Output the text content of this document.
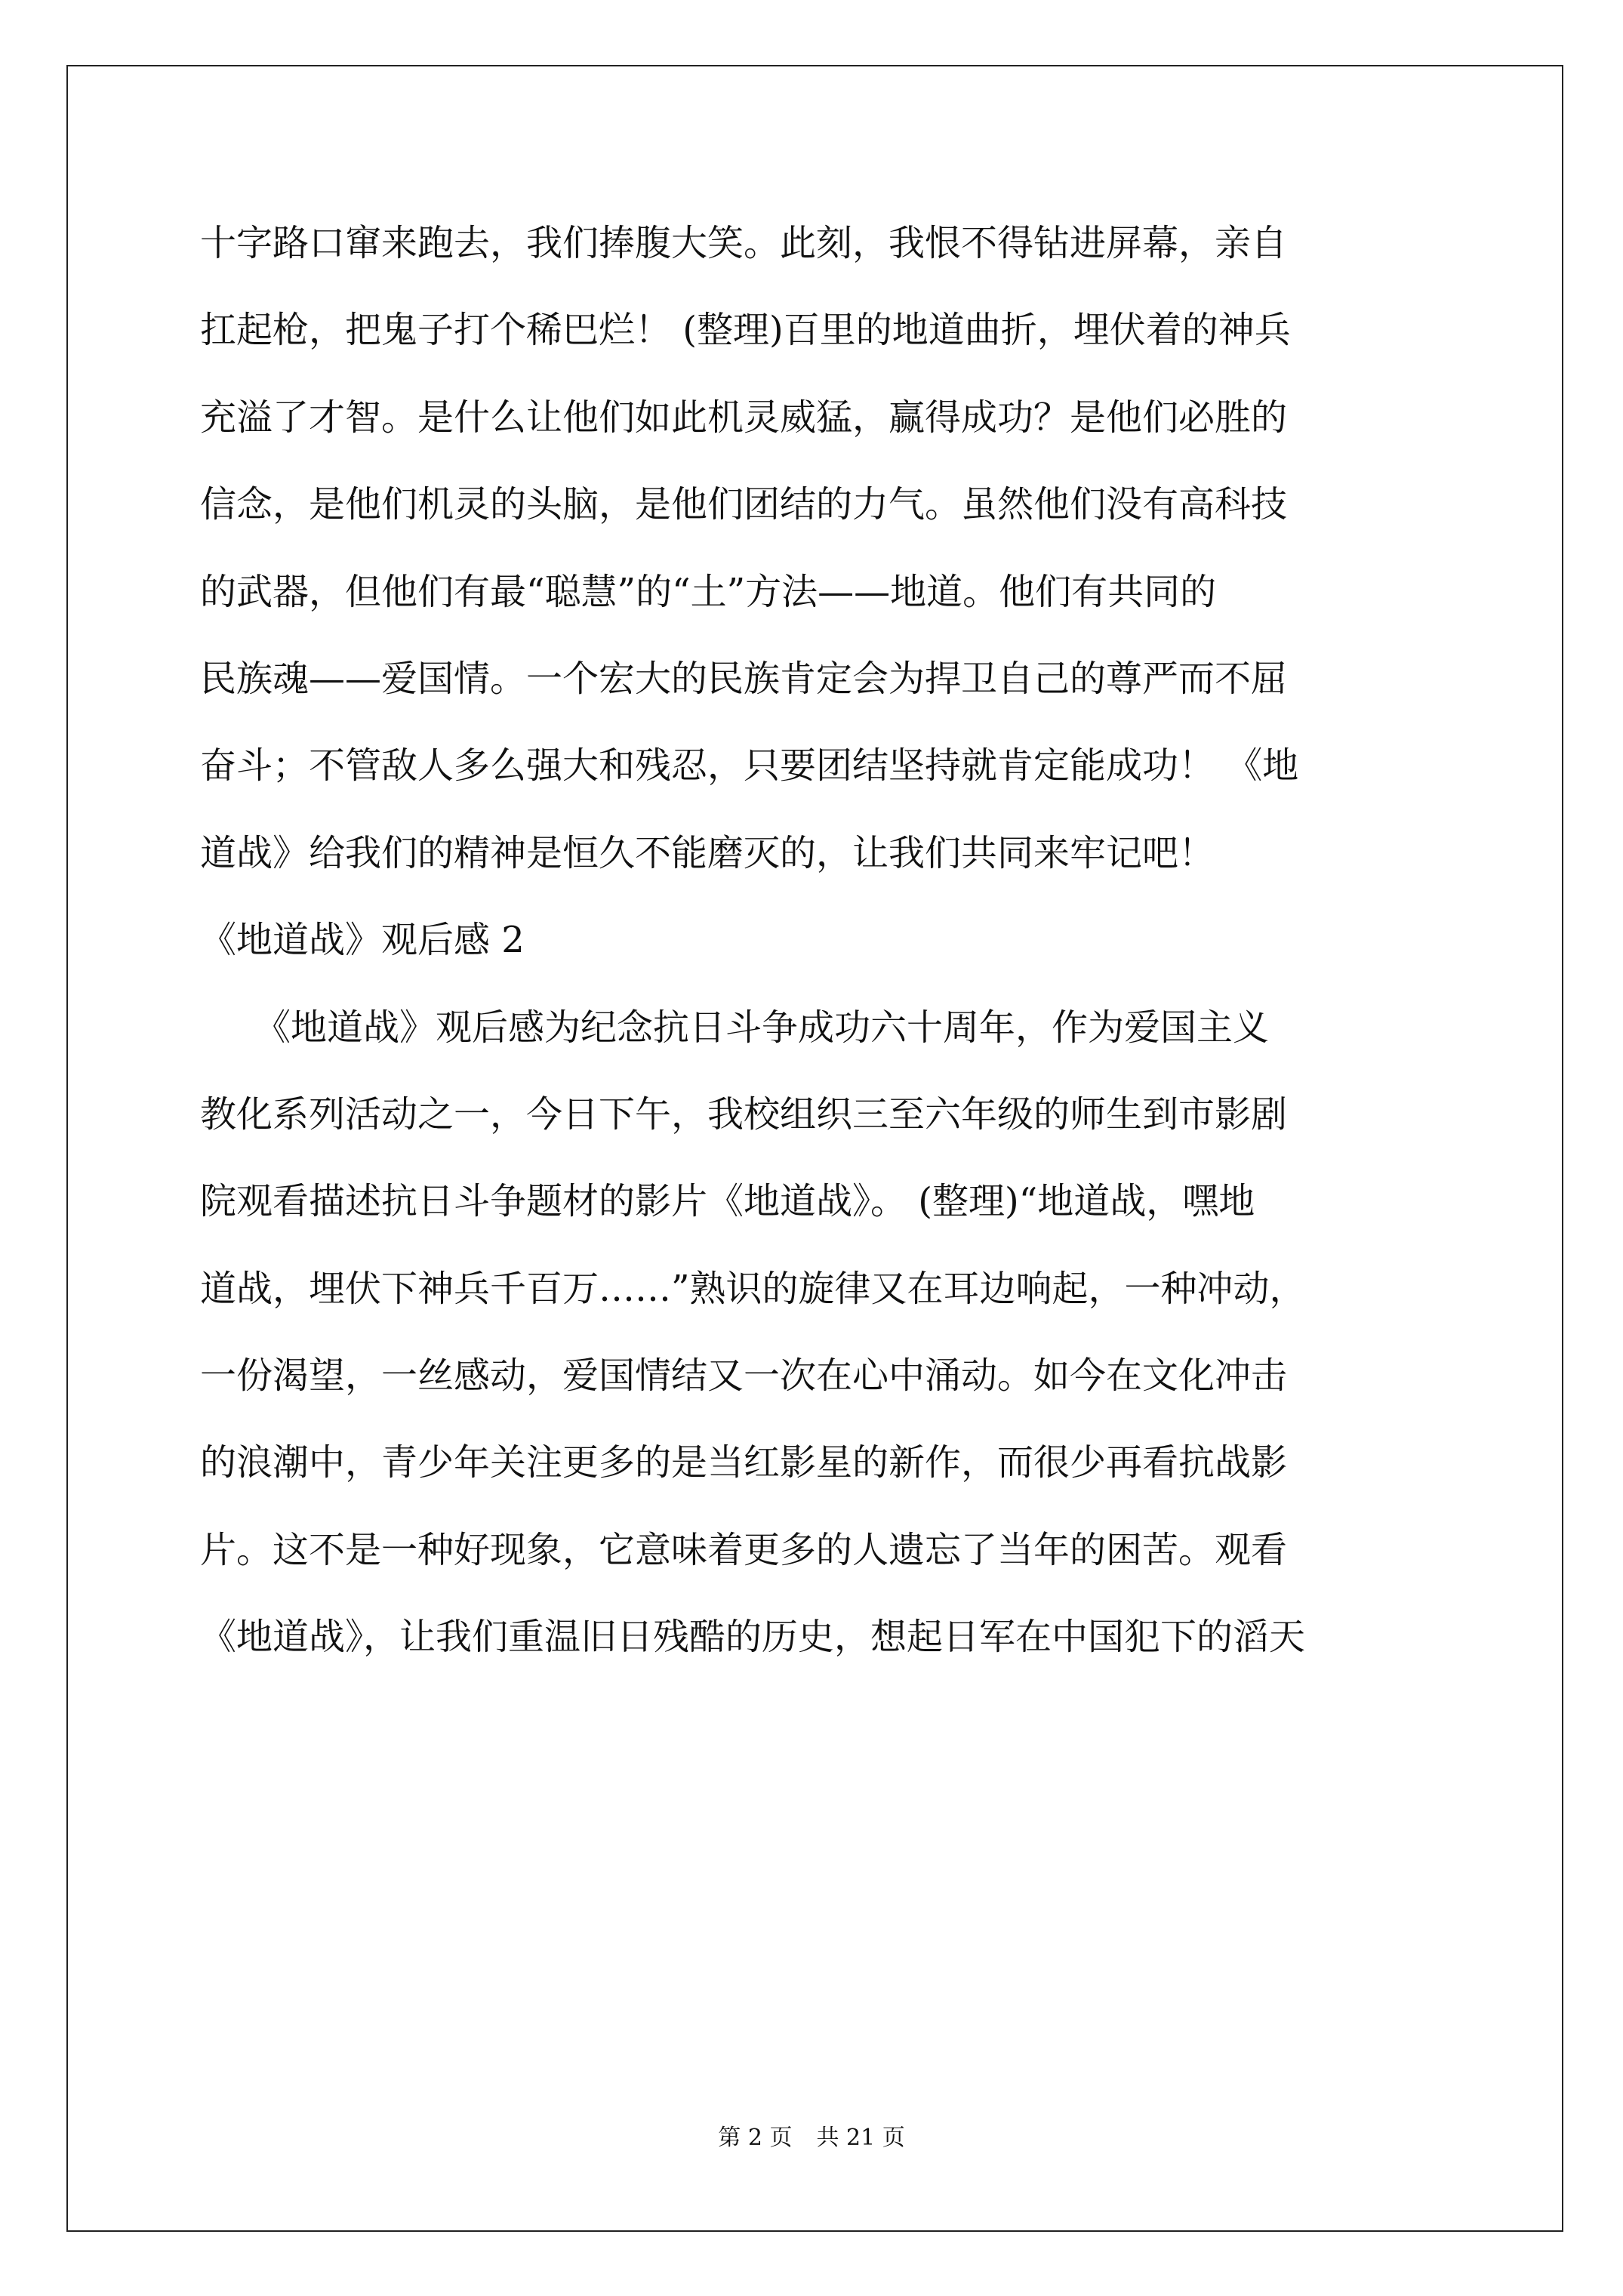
十字路口窜来跑去，我们捧腹大笑。此刻，我恨不得钻进屏幕，亲自
扛起枪，把鬼子打个稀巴烂！ (整理)百里的地道曲折，埋伏着的神兵
充溢了才智。是什么让他们如此机灵威猛，赢得成功？是他们必胜的
信念，是他们机灵的头脑，是他们团结的力气。虽然他们没有高科技
的武器，但他们有最“聪慧”的“土”方法——地道。他们有共同的
民族魂——爱国情。一个宏大的民族肯定会为捍卫自己的尊严而不屈
奋斗；不管敌人多么强大和残忍，只要团结坚持就肯定能成功！ 《地
道战》给我们的精神是恒久不能磨灭的，让我们共同来牢记吧！
《地道战》观后感 2
　　《地道战》观后感为纪念抗日斗争成功六十周年，作为爱国主义
教化系列活动之一，今日下午，我校组织三至六年级的师生到市影剧
院观看描述抗日斗争题材的影片《地道战》。 (整理)“地道战，嘿地
道战，埋伏下神兵千百万……”熟识的旋律又在耳边响起，一种冲动，
一份渴望，一丝感动，爱国情结又一次在心中涌动。如今在文化冲击
的浪潮中，青少年关注更多的是当红影星的新作，而很少再看抗战影
片。这不是一种好现象，它意味着更多的人遗忘了当年的困苦。观看
《地道战》，让我们重温旧日残酷的历史，想起日军在中国犯下的滔天
第 2 页 共 21 页
